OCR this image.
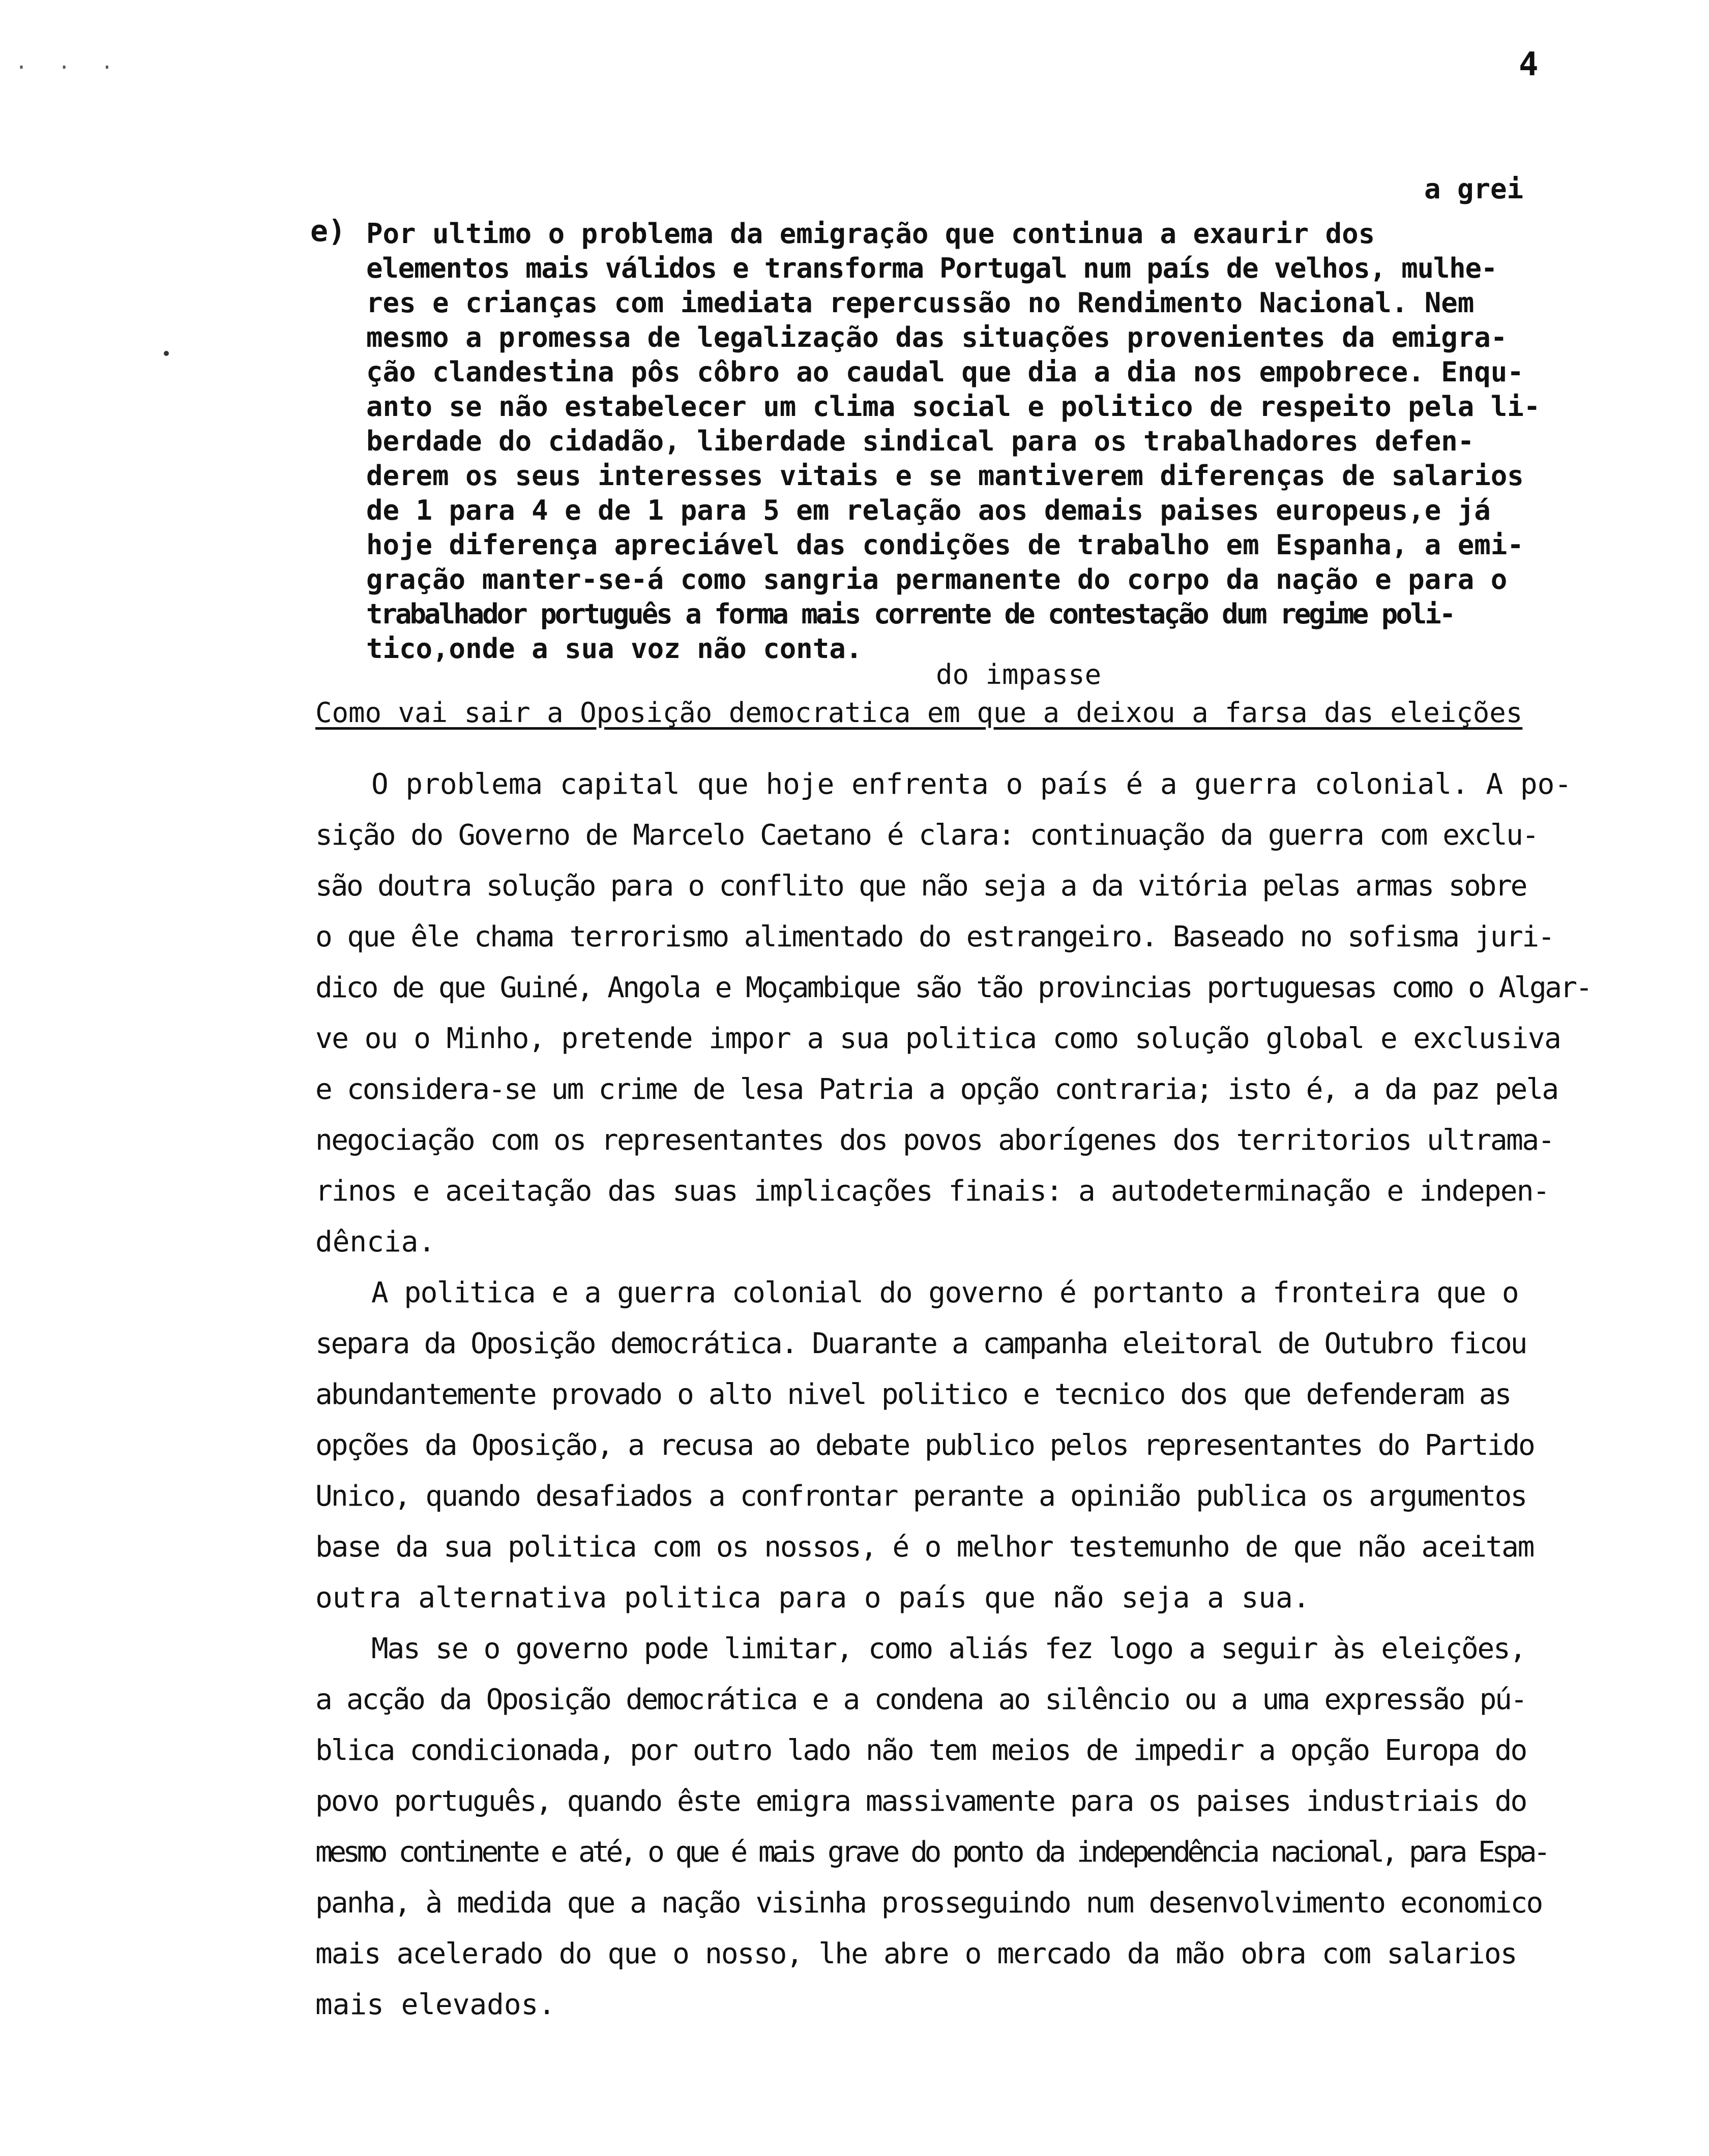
· · ·	4
a grei
e) Por ultimo o problema da emigração que continua a exaurir dos
elementos mais válidos e transforma Portugal num país de velhos, mulhe-
res e crianças com imediata repercussão no Rendimento Nacional. Nem
mesmo a promessa de legalização das situações provenientes da emigra-
ção clandestina pôs côbro ao caudal que dia a dia nos empobrece. Enqu-
anto se não estabelecer um clima social e politico de respeito pela li-
berdade do cidadão, liberdade sindical para os trabalhadores defen-
derem os seus interesses vitais e se mantiverem diferenças de salarios
de 1 para 4 e de 1 para 5 em relação aos demais paises europeus,e já
hoje diferença apreciável das condições de trabalho em Espanha, a emi-
gração manter-se-á como sangria permanente do corpo da nação e para o
trabalhador português a forma mais corrente de contestação dum regime poli-
tico,onde a sua voz não conta.
do impasse
Como vai sair a Oposição democratica em que a deixou a farsa das eleições
O problema capital que hoje enfrenta o país é a guerra colonial. A po-
sição do Governo de Marcelo Caetano é clara: continuação da guerra com exclu-
são doutra solução para o conflito que não seja a da vitória pelas armas sobre
o que êle chama terrorismo alimentado do estrangeiro. Baseado no sofisma juri-
dico de que Guiné, Angola e Moçambique são tão provincias portuguesas como o Algar-
ve ou o Minho, pretende impor a sua politica como solução global e exclusiva
e considera-se um crime de lesa Patria a opção contraria; isto é, a da paz pela
negociação com os representantes dos povos aborígenes dos territorios ultrama-
rinos e aceitação das suas implicações finais: a autodeterminação e indepen-
dência.
A politica e a guerra colonial do governo é portanto a fronteira que o
separa da Oposição democrática. Duarante a campanha eleitoral de Outubro ficou
abundantemente provado o alto nivel politico e tecnico dos que defenderam as
opções da Oposição, a recusa ao debate publico pelos representantes do Partido
Unico, quando desafiados a confrontar perante a opinião publica os argumentos
base da sua politica com os nossos, é o melhor testemunho de que não aceitam
outra alternativa politica para o país que não seja a sua.
Mas se o governo pode limitar, como aliás fez logo a seguir às eleições,
a acção da Oposição democrática e a condena ao silêncio ou a uma expressão pú-
blica condicionada, por outro lado não tem meios de impedir a opção Europa do
povo português, quando êste emigra massivamente para os paises industriais do
mesmo continente e até, o que é mais grave do ponto da independência nacional, para Espa-
panha, à medida que a nação visinha prosseguindo num desenvolvimento economico
mais acelerado do que o nosso, lhe abre o mercado da mão obra com salarios
mais elevados.
